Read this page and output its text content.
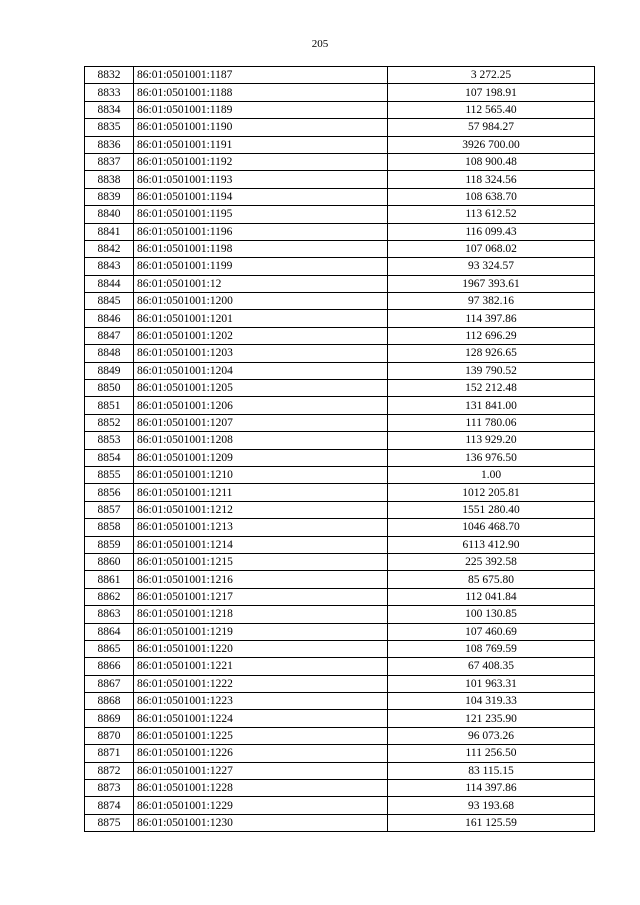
205
8832	86:01:0501001:1187	3 272.25
8833	86:01:0501001:1188	107 198.91
8834	86:01:0501001:1189	112 565.40
8835	86:01:0501001:1190	57 984.27
8836	86:01:0501001:1191	3926 700.00
8837	86:01:0501001:1192	108 900.48
8838	86:01:0501001:1193	118 324.56
8839	86:01:0501001:1194	108 638.70
8840	86:01:0501001:1195	113 612.52
8841	86:01:0501001:1196	116 099.43
8842	86:01:0501001:1198	107 068.02
8843	86:01:0501001:1199	93 324.57
8844	86:01:0501001:12	1967 393.61
8845	86:01:0501001:1200	97 382.16
8846	86:01:0501001:1201	114 397.86
8847	86:01:0501001:1202	112 696.29
8848	86:01:0501001:1203	128 926.65
8849	86:01:0501001:1204	139 790.52
8850	86:01:0501001:1205	152 212.48
8851	86:01:0501001:1206	131 841.00
8852	86:01:0501001:1207	111 780.06
8853	86:01:0501001:1208	113 929.20
8854	86:01:0501001:1209	136 976.50
8855	86:01:0501001:1210	1.00
8856	86:01:0501001:1211	1012 205.81
8857	86:01:0501001:1212	1551 280.40
8858	86:01:0501001:1213	1046 468.70
8859	86:01:0501001:1214	6113 412.90
8860	86:01:0501001:1215	225 392.58
8861	86:01:0501001:1216	85 675.80
8862	86:01:0501001:1217	112 041.84
8863	86:01:0501001:1218	100 130.85
8864	86:01:0501001:1219	107 460.69
8865	86:01:0501001:1220	108 769.59
8866	86:01:0501001:1221	67 408.35
8867	86:01:0501001:1222	101 963.31
8868	86:01:0501001:1223	104 319.33
8869	86:01:0501001:1224	121 235.90
8870	86:01:0501001:1225	96 073.26
8871	86:01:0501001:1226	111 256.50
8872	86:01:0501001:1227	83 115.15
8873	86:01:0501001:1228	114 397.86
8874	86:01:0501001:1229	93 193.68
8875	86:01:0501001:1230	161 125.59
